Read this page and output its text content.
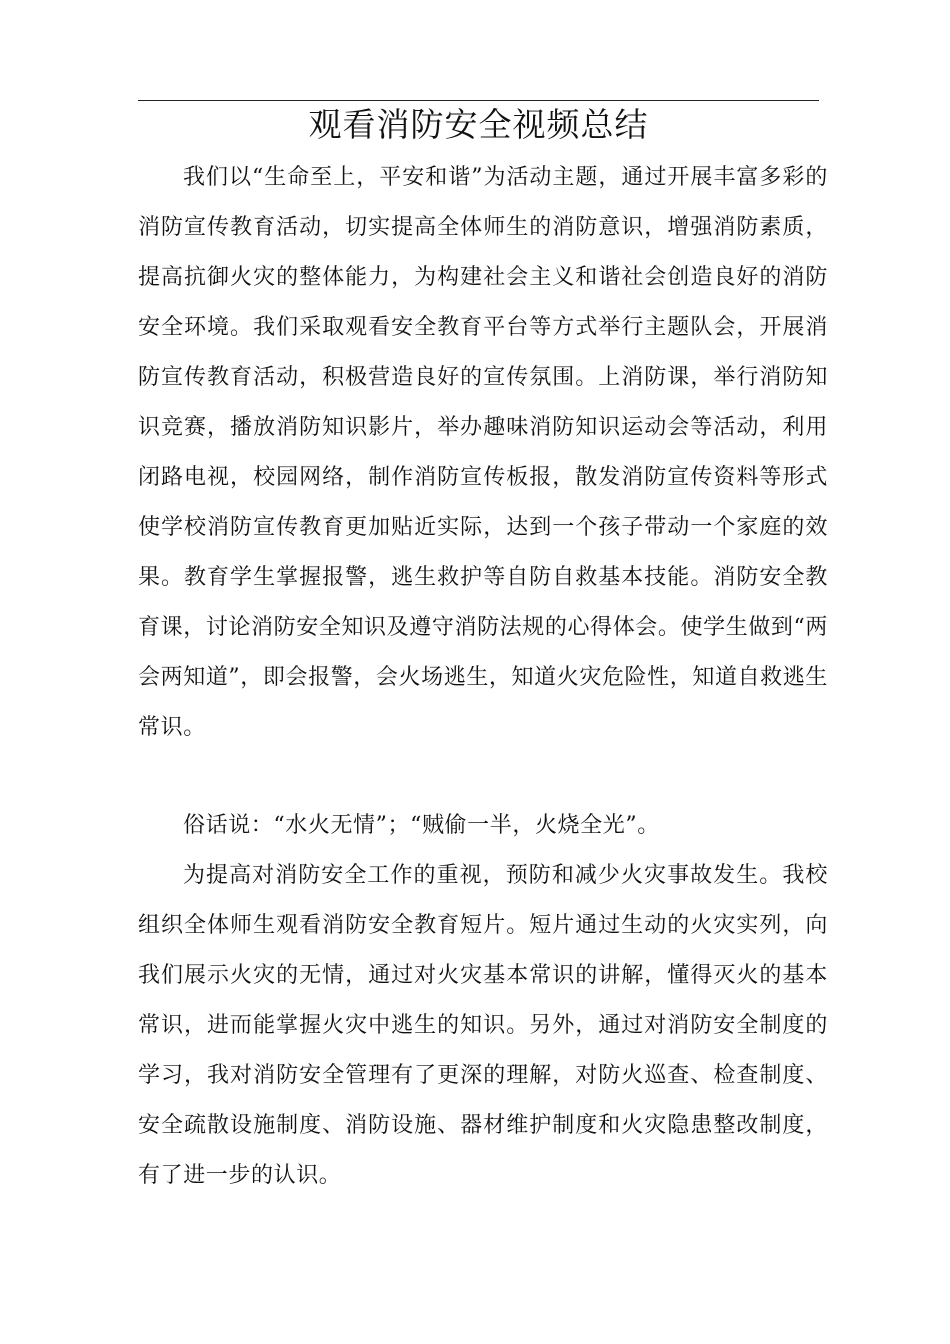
观看消防安全视频总结

我们以“生命至上，平安和谐”为活动主题，通过开展丰富多彩的消防宣传教育活动，切实提高全体师生的消防意识，增强消防素质，提高抗御火灾的整体能力，为构建社会主义和谐社会创造良好的消防安全环境。我们采取观看安全教育平台等方式举行主题队会，开展消防宣传教育活动，积极营造良好的宣传氛围。上消防课，举行消防知识竞赛，播放消防知识影片，举办趣味消防知识运动会等活动，利用闭路电视，校园网络，制作消防宣传板报，散发消防宣传资料等形式使学校消防宣传教育更加贴近实际，达到一个孩子带动一个家庭的效果。教育学生掌握报警，逃生救护等自防自救基本技能。消防安全教育课，讨论消防安全知识及遵守消防法规的心得体会。使学生做到“两会两知道”，即会报警，会火场逃生，知道火灾危险性，知道自救逃生常识。

俗话说：“水火无情”；“贼偷一半，火烧全光”。

为提高对消防安全工作的重视，预防和减少火灾事故发生。我校组织全体师生观看消防安全教育短片。短片通过生动的火灾实列，向我们展示火灾的无情，通过对火灾基本常识的讲解，懂得灭火的基本常识，进而能掌握火灾中逃生的知识。另外，通过对消防安全制度的学习，我对消防安全管理有了更深的理解，对防火巡查、检查制度、安全疏散设施制度、消防设施、器材维护制度和火灾隐患整改制度，有了进一步的认识。
